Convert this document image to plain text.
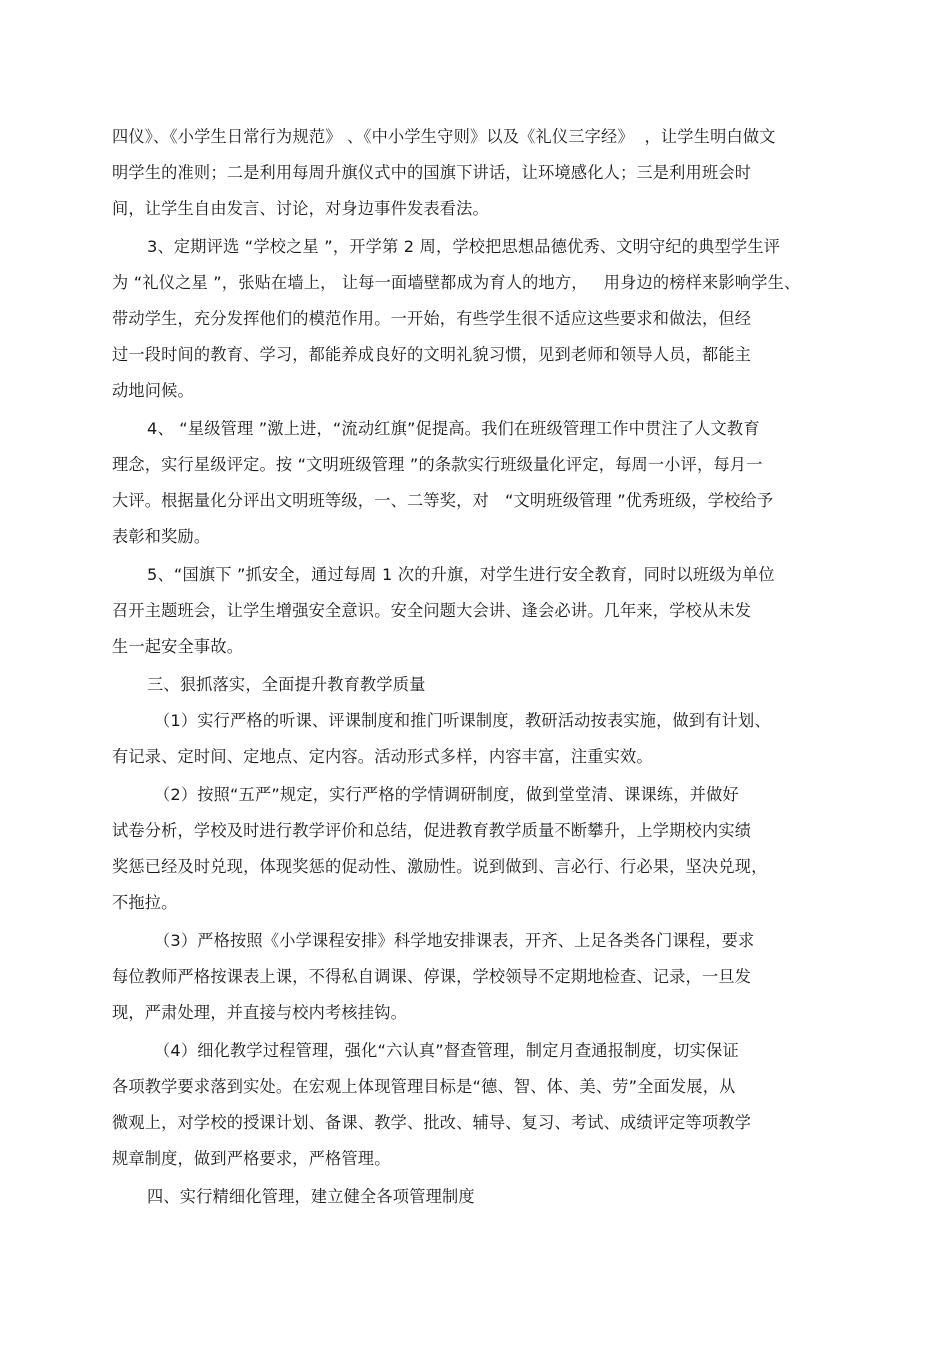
四仪》、《小学生日常行为规范》 、《中小学生守则》以及《礼仪三字经》  ，让学生明白做文
明学生的准则；二是利用每周升旗仪式中的国旗下讲话，让环境感化人；三是利用班会时
间，让学生自由发言、讨论，对身边事件发表看法。
3、定期评选 “学校之星 ”，开学第 2 周，学校把思想品德优秀、文明守纪的典型学生评
为 “礼仪之星 ”，张贴在墙上， 让每一面墙壁都成为育人的地方，   用身边的榜样来影响学生、
带动学生，充分发挥他们的模范作用。一开始，有些学生很不适应这些要求和做法，但经
过一段时间的教育、学习，都能养成良好的文明礼貌习惯，见到老师和领导人员，都能主
动地问候。
4、 “星级管理 ”激上进，“流动红旗”促提高。我们在班级管理工作中贯注了人文教育
理念，实行星级评定。按 “文明班级管理 ”的条款实行班级量化评定，每周一小评，每月一
大评。根据量化分评出文明班等级，一、二等奖，对   “文明班级管理 ”优秀班级，学校给予
表彰和奖励。
5、“国旗下 ”抓安全，通过每周 1 次的升旗，对学生进行安全教育，同时以班级为单位
召开主题班会，让学生增强安全意识。安全问题大会讲、逢会必讲。几年来，学校从未发
生一起安全事故。
三、狠抓落实，全面提升教育教学质量
（1）实行严格的听课、评课制度和推门听课制度，教研活动按表实施，做到有计划、
有记录、定时间、定地点、定内容。活动形式多样，内容丰富，注重实效。
（2）按照“五严”规定，实行严格的学情调研制度，做到堂堂清、课课练，并做好
试卷分析，学校及时进行教学评价和总结，促进教育教学质量不断攀升，上学期校内实绩
奖惩已经及时兑现，体现奖惩的促动性、激励性。说到做到、言必行、行必果，坚决兑现，
不拖拉。
（3）严格按照《小学课程安排》科学地安排课表，开齐、上足各类各门课程，要求
每位教师严格按课表上课，不得私自调课、停课，学校领导不定期地检查、记录，一旦发
现，严肃处理，并直接与校内考核挂钩。
（4）细化教学过程管理，强化“六认真”督查管理，制定月查通报制度，切实保证
各项教学要求落到实处。在宏观上体现管理目标是“德、智、体、美、劳”全面发展，从
微观上，对学校的授课计划、备课、教学、批改、辅导、复习、考试、成绩评定等项教学
规章制度，做到严格要求，严格管理。
四、实行精细化管理，建立健全各项管理制度
